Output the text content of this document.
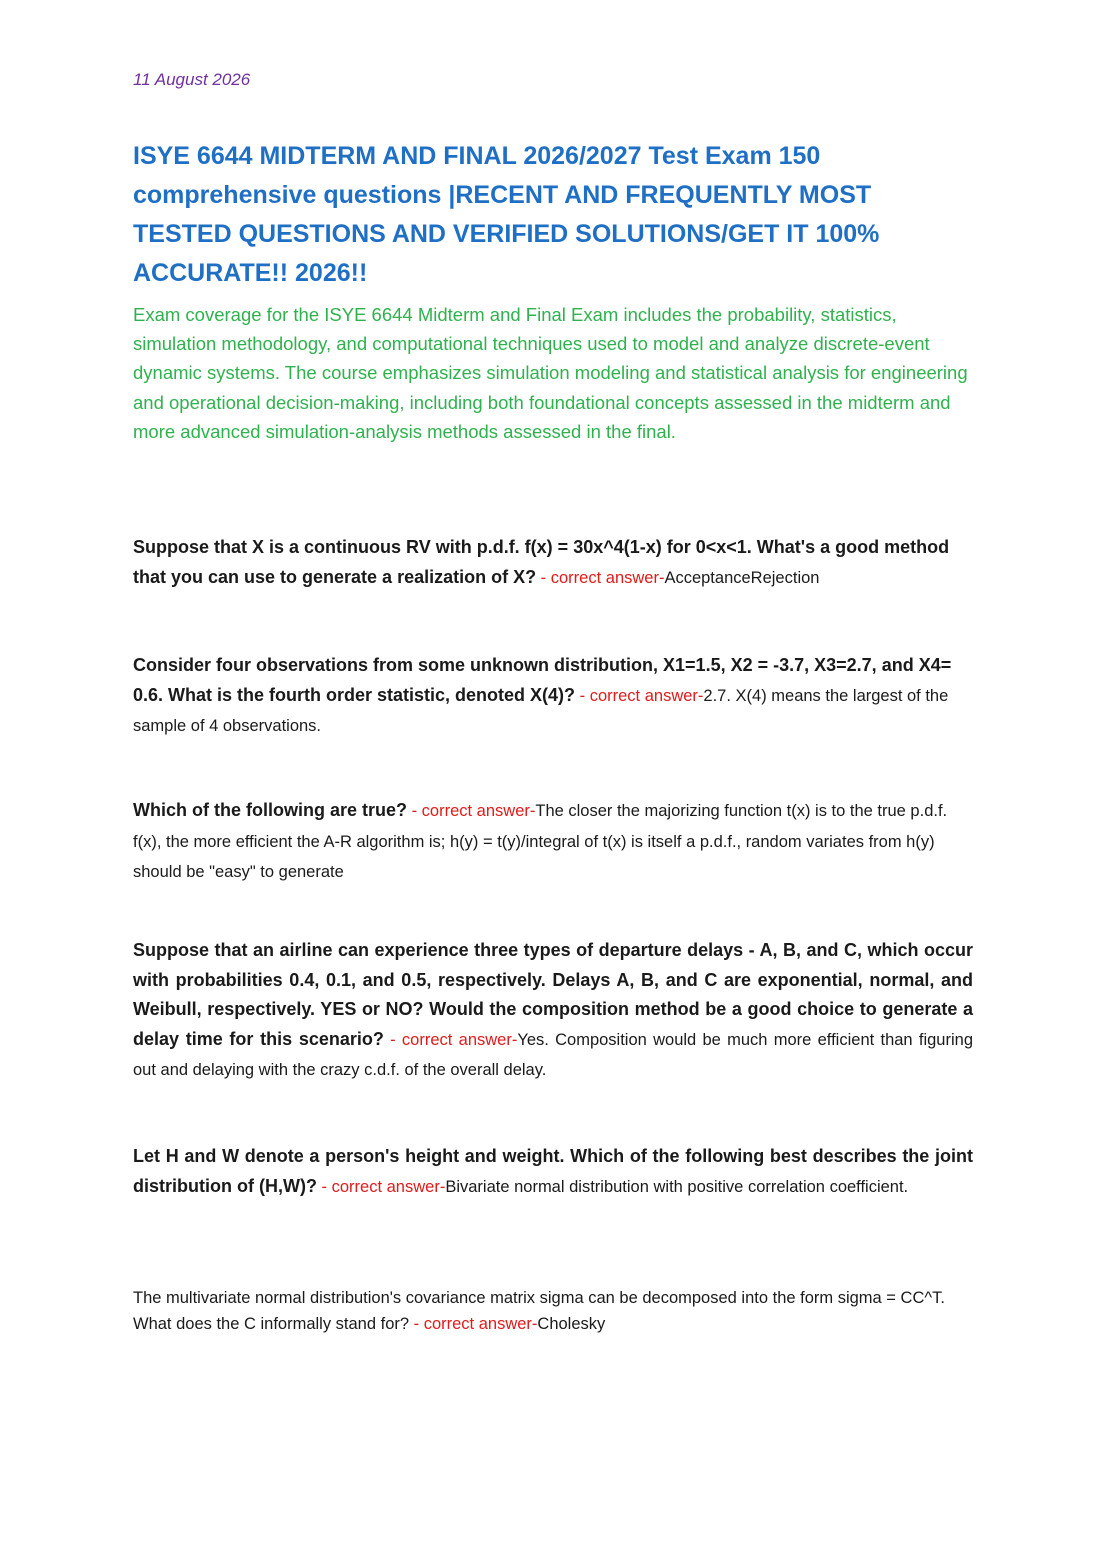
11 August 2026
ISYE 6644 MIDTERM AND FINAL 2026/2027 Test Exam 150 comprehensive questions |RECENT AND FREQUENTLY MOST TESTED QUESTIONS AND VERIFIED SOLUTIONS/GET IT 100% ACCURATE!! 2026!!
Exam coverage for the ISYE 6644 Midterm and Final Exam includes the probability, statistics, simulation methodology, and computational techniques used to model and analyze discrete-event dynamic systems. The course emphasizes simulation modeling and statistical analysis for engineering and operational decision-making, including both foundational concepts assessed in the midterm and more advanced simulation-analysis methods assessed in the final.
Suppose that X is a continuous RV with p.d.f. f(x) = 30x^4(1-x) for 0<x<1. What's a good method that you can use to generate a realization of X? - correct answer-AcceptanceRejection
Consider four observations from some unknown distribution, X1=1.5, X2 = -3.7, X3=2.7, and X4= 0.6. What is the fourth order statistic, denoted X(4)? - correct answer-2.7. X(4) means the largest of the sample of 4 observations.
Which of the following are true? - correct answer-The closer the majorizing function t(x) is to the true p.d.f. f(x), the more efficient the A-R algorithm is; h(y) = t(y)/integral of t(x) is itself a p.d.f., random variates from h(y) should be "easy" to generate
Suppose that an airline can experience three types of departure delays - A, B, and C, which occur with probabilities 0.4, 0.1, and 0.5, respectively. Delays A, B, and C are exponential, normal, and Weibull, respectively. YES or NO? Would the composition method be a good choice to generate a delay time for this scenario? - correct answer-Yes. Composition would be much more efficient than figuring out and delaying with the crazy c.d.f. of the overall delay.
Let H and W denote a person's height and weight. Which of the following best describes the joint distribution of (H,W)? - correct answer-Bivariate normal distribution with positive correlation coefficient.
The multivariate normal distribution's covariance matrix sigma can be decomposed into the form sigma = CC^T. What does the C informally stand for? - correct answer-Cholesky
